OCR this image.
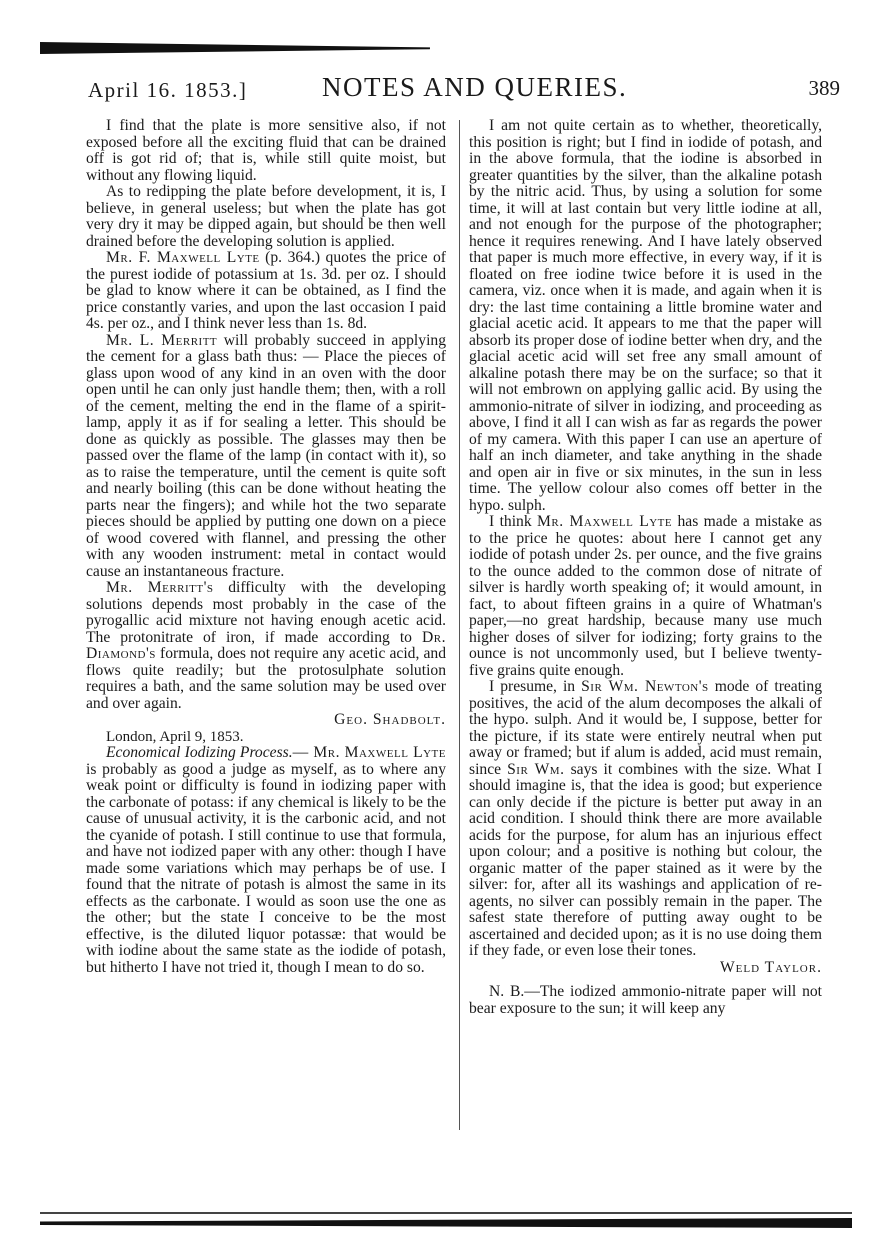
April 16. 1853.]	NOTES AND QUERIES.	389

I find that the plate is more sensitive also, if not exposed before all the exciting fluid that can be drained off is got rid of; that is, while still quite moist, but without any flowing liquid.

As to redipping the plate before development, it is, I believe, in general useless; but when the plate has got very dry it may be dipped again, but should be then well drained before the developing solution is applied.

Mr. F. Maxwell Lyte (p. 364.) quotes the price of the purest iodide of potassium at 1s. 3d. per oz. I should be glad to know where it can be obtained, as I find the price constantly varies, and upon the last occasion I paid 4s. per oz., and I think never less than 1s. 8d.

Mr. L. Merritt will probably succeed in applying the cement for a glass bath thus: — Place the pieces of glass upon wood of any kind in an oven with the door open until he can only just handle them; then, with a roll of the cement, melting the end in the flame of a spirit-lamp, apply it as if for sealing a letter. This should be done as quickly as possible. The glasses may then be passed over the flame of the lamp (in contact with it), so as to raise the temperature, until the cement is quite soft and nearly boiling (this can be done without heating the parts near the fingers); and while hot the two separate pieces should be applied by putting one down on a piece of wood covered with flannel, and pressing the other with any wooden instrument: metal in contact would cause an instantaneous fracture.

Mr. Merritt's difficulty with the developing solutions depends most probably in the case of the pyrogallic acid mixture not having enough acetic acid. The protonitrate of iron, if made according to Dr. Diamond's formula, does not require any acetic acid, and flows quite readily; but the protosulphate solution requires a bath, and the same solution may be used over and over again.

Geo. Shadbolt.

London, April 9, 1853.

Economical Iodizing Process.— Mr. Maxwell Lyte is probably as good a judge as myself, as to where any weak point or difficulty is found in iodizing paper with the carbonate of potass: if any chemical is likely to be the cause of unusual activity, it is the carbonic acid, and not the cyanide of potash. I still continue to use that formula, and have not iodized paper with any other: though I have made some variations which may perhaps be of use. I found that the nitrate of potash is almost the same in its effects as the carbonate. I would as soon use the one as the other; but the state I conceive to be the most effective, is the diluted liquor potassæ: that would be with iodine about the same state as the iodide of potash, but hitherto I have not tried it, though I mean to do so.

I am not quite certain as to whether, theoretically, this position is right; but I find in iodide of potash, and in the above formula, that the iodine is absorbed in greater quantities by the silver, than the alkaline potash by the nitric acid. Thus, by using a solution for some time, it will at last contain but very little iodine at all, and not enough for the purpose of the photographer; hence it requires renewing. And I have lately observed that paper is much more effective, in every way, if it is floated on free iodine twice before it is used in the camera, viz. once when it is made, and again when it is dry: the last time containing a little bromine water and glacial acetic acid. It appears to me that the paper will absorb its proper dose of iodine better when dry, and the glacial acetic acid will set free any small amount of alkaline potash there may be on the surface; so that it will not embrown on applying gallic acid. By using the ammonio-nitrate of silver in iodizing, and proceeding as above, I find it all I can wish as far as regards the power of my camera. With this paper I can use an aperture of half an inch diameter, and take anything in the shade and open air in five or six minutes, in the sun in less time. The yellow colour also comes off better in the hypo. sulph.

I think Mr. Maxwell Lyte has made a mistake as to the price he quotes: about here I cannot get any iodide of potash under 2s. per ounce, and the five grains to the ounce added to the common dose of nitrate of silver is hardly worth speaking of; it would amount, in fact, to about fifteen grains in a quire of Whatman's paper,—no great hardship, because many use much higher doses of silver for iodizing; forty grains to the ounce is not uncommonly used, but I believe twenty-five grains quite enough.

I presume, in Sir Wm. Newton's mode of treating positives, the acid of the alum decomposes the alkali of the hypo. sulph. And it would be, I suppose, better for the picture, if its state were entirely neutral when put away or framed; but if alum is added, acid must remain, since Sir Wm. says it combines with the size. What I should imagine is, that the idea is good; but experience can only decide if the picture is better put away in an acid condition. I should think there are more available acids for the purpose, for alum has an injurious effect upon colour; and a positive is nothing but colour, the organic matter of the paper stained as it were by the silver: for, after all its washings and application of re-agents, no silver can possibly remain in the paper. The safest state therefore of putting away ought to be ascertained and decided upon; as it is no use doing them if they fade, or even lose their tones.

Weld Taylor.

N. B.—The iodized ammonio-nitrate paper will not bear exposure to the sun; it will keep any
